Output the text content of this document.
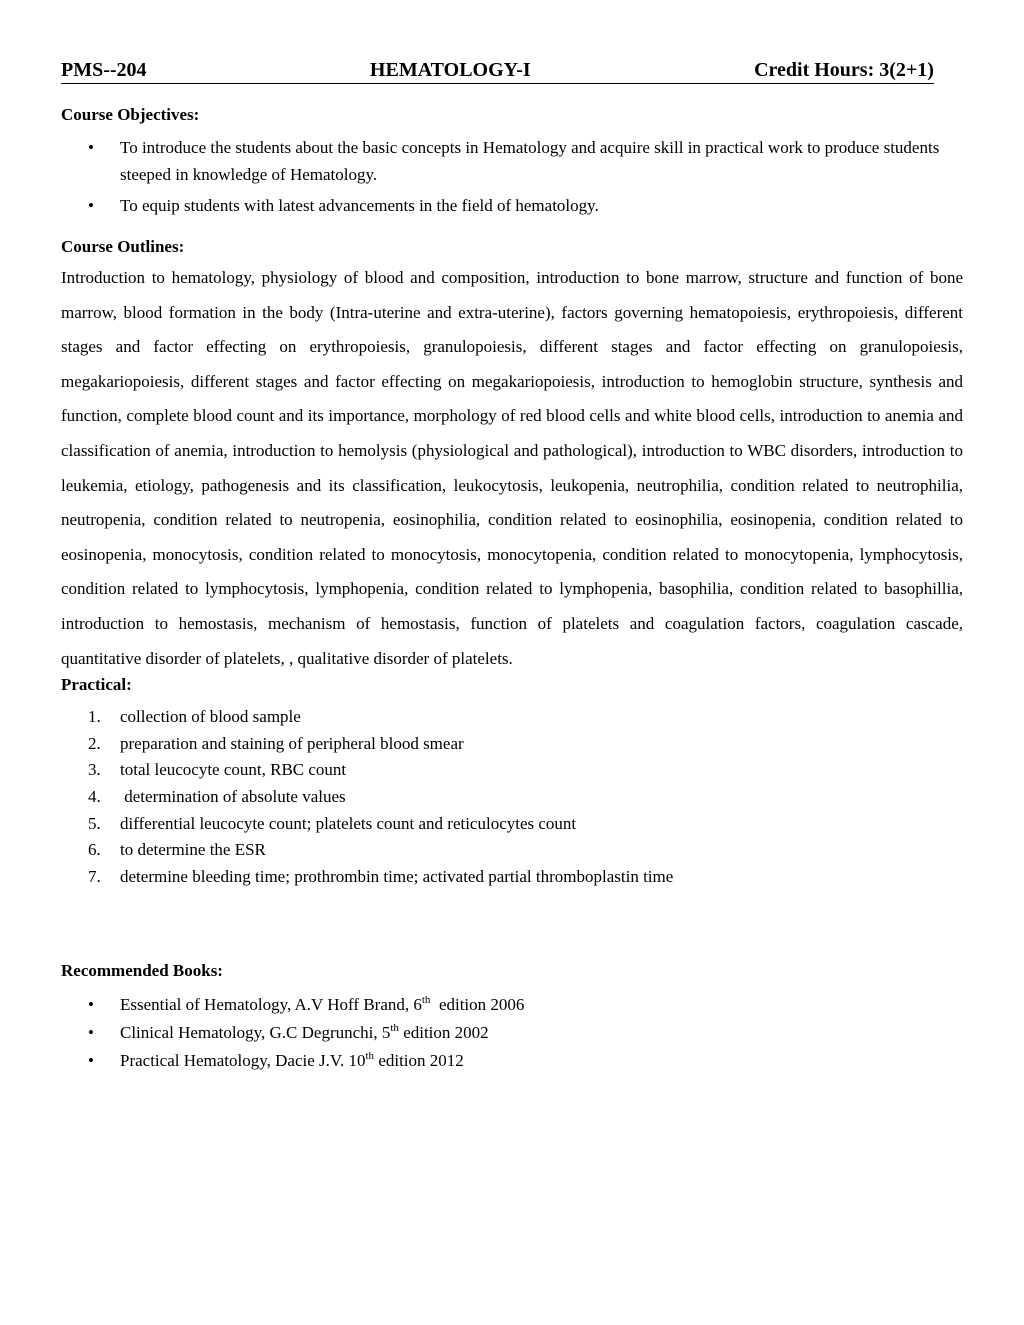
PMS--204	HEMATOLOGY-I	Credit Hours: 3(2+1)
Course Objectives:
• To introduce the students about the basic concepts in Hematology and acquire skill in practical work to produce students steeped in knowledge of Hematology.
• To equip students with latest advancements in the field of hematology.
Course Outlines:

Introduction to hematology, physiology of blood and composition, introduction to bone marrow, structure and function of bone marrow, blood formation in the body (Intra-uterine and extra-uterine), factors governing hematopoiesis, erythropoiesis, different stages and factor effecting on erythropoiesis, granulopoiesis, different stages and factor effecting on granulopoiesis, megakariopoiesis, different stages and factor effecting on megakariopoiesis, introduction to hemoglobin structure, synthesis and function, complete blood count and its importance, morphology of red blood cells and white blood cells, introduction to anemia and classification of anemia, introduction to hemolysis (physiological and pathological), introduction to WBC disorders, introduction to leukemia, etiology, pathogenesis and its classification, leukocytosis, leukopenia, neutrophilia, condition related to neutrophilia, neutropenia, condition related to neutropenia, eosinophilia, condition related to eosinophilia, eosinopenia, condition related to eosinopenia, monocytosis, condition related to monocytosis, monocytopenia, condition related to monocytopenia, lymphocytosis, condition related to lymphocytosis, lymphopenia, condition related to lymphopenia, basophilia, condition related to basophillia, introduction to hemostasis, mechanism of hemostasis, function of platelets and coagulation factors, coagulation cascade, quantitative disorder of platelets, , qualitative disorder of platelets.

Practical:
1. collection of blood sample
2. preparation and staining of peripheral blood smear
3. total leucocyte count, RBC count
4. determination of absolute values
5. differential leucocyte count; platelets count and reticulocytes count
6. to determine the ESR
7. determine bleeding time; prothrombin time; activated partial thromboplastin time
Recommended Books:
• Essential of Hematology, A.V Hoff Brand, 6th  edition 2006
• Clinical Hematology, G.C Degrunchi, 5th edition 2002
• Practical Hematology, Dacie J.V. 10th edition 2012
